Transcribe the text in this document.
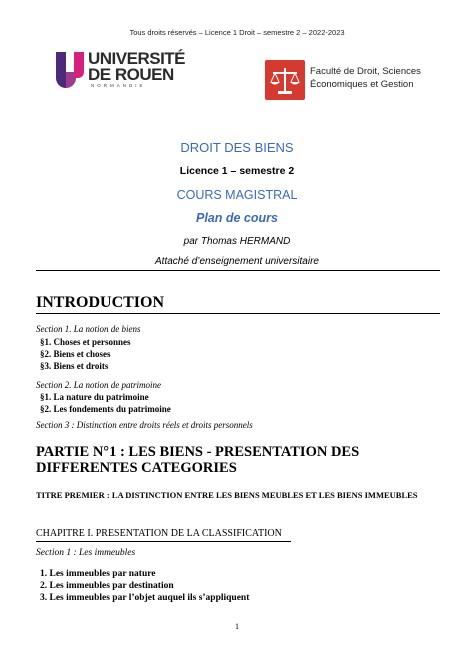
Tous droits réservés – Licence 1 Droit – semestre 2 – 2022-2023
UNIVERSITÉ
DE ROUEN
NORMANDIE
Faculté de Droit, Sciences
Économiques et Gestion
DROIT DES BIENS
Licence 1 – semestre 2
COURS MAGISTRAL
Plan de cours
par Thomas HERMAND
Attaché d’enseignement universitaire
INTRODUCTION
Section 1. La notion de biens
§1. Choses et personnes
§2. Biens et choses
§3. Biens et droits
Section 2. La notion de patrimoine
§1. La nature du patrimoine
§2. Les fondements du patrimoine
Section 3 : Distinction entre droits réels et droits personnels
PARTIE N°1 : LES BIENS - PRESENTATION DES
DIFFERENTES CATEGORIES
TITRE PREMIER : LA DISTINCTION ENTRE LES BIENS MEUBLES ET LES BIENS IMMEUBLES
CHAPITRE I. PRESENTATION DE LA CLASSIFICATION
Section 1 : Les immeubles
1. Les immeubles par nature
2. Les immeubles par destination
3. Les immeubles par l’objet auquel ils s’appliquent
1
